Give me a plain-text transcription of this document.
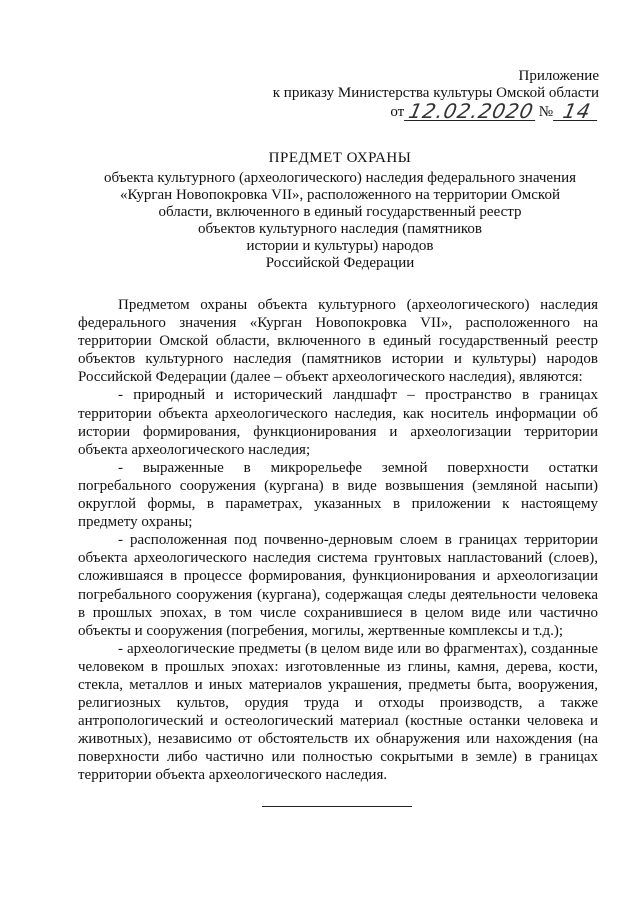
Приложение
к приказу Министерства культуры Омской области
от 12.02.2020 № 14
ПРЕДМЕТ ОХРАНЫ
объекта культурного (археологического) наследия федерального значения
«Курган Новопокровка VII», расположенного на территории Омской
области, включенного в единый государственный реестр
объектов культурного наследия (памятников
истории и культуры) народов
Российской Федерации

Предметом охраны объекта культурного (археологического) наследия федерального значения «Курган Новопокровка VII», расположенного на территории Омской области, включенного в единый государственный реестр объектов культурного наследия (памятников истории и культуры) народов Российской Федерации (далее – объект археологического наследия), являются:

- природный и исторический ландшафт – пространство в границах территории объекта археологического наследия, как носитель информации об истории формирования, функционирования и археологизации территории объекта археологического наследия;

- выраженные в микрорельефе земной поверхности остатки погребального сооружения (кургана) в виде возвышения (земляной насыпи) округлой формы, в параметрах, указанных в приложении к настоящему предмету охраны;

- расположенная под почвенно-дерновым слоем в границах территории объекта археологического наследия система грунтовых напластований (слоев), сложившаяся в процессе формирования, функционирования и археологизации погребального сооружения (кургана), содержащая следы деятельности человека в прошлых эпохах, в том числе сохранившиеся в целом виде или частично объекты и сооружения (погребения, могилы, жертвенные комплексы и т.д.);

- археологические предметы (в целом виде или во фрагментах), созданные человеком в прошлых эпохах: изготовленные из глины, камня, дерева, кости, стекла, металлов и иных материалов украшения, предметы быта, вооружения, религиозных культов, орудия труда и отходы производств, а также антропологический и остеологический материал (костные останки человека и животных), независимо от обстоятельств их обнаружения или нахождения (на поверхности либо частично или полностью сокрытыми в земле) в границах территории объекта археологического наследия.
